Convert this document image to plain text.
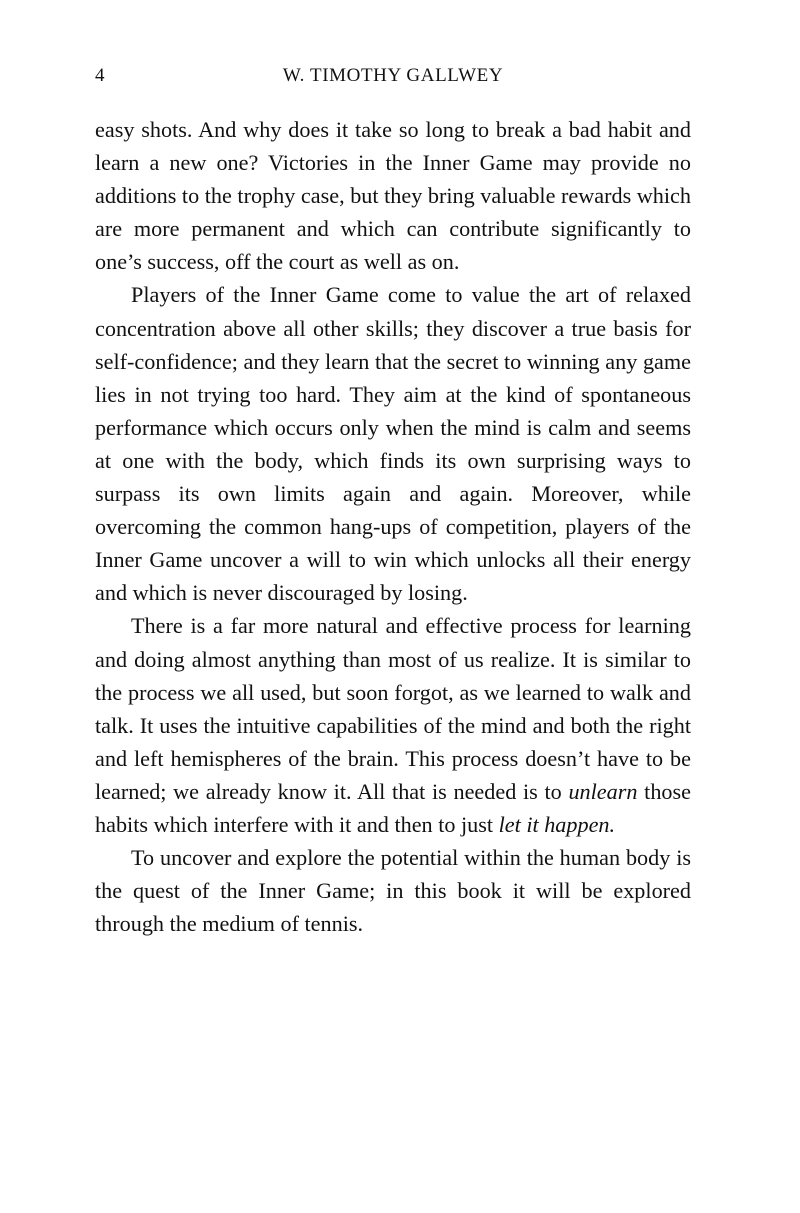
4	W. TIMOTHY GALLWEY

easy shots. And why does it take so long to break a bad habit and learn a new one? Victories in the Inner Game may provide no additions to the trophy case, but they bring valuable rewards which are more permanent and which can contribute significantly to one’s success, off the court as well as on.

Players of the Inner Game come to value the art of relaxed concentration above all other skills; they discover a true basis for self-confidence; and they learn that the secret to winning any game lies in not trying too hard. They aim at the kind of spontaneous performance which occurs only when the mind is calm and seems at one with the body, which finds its own surprising ways to surpass its own limits again and again. Moreover, while overcoming the common hang-ups of competition, players of the Inner Game uncover a will to win which unlocks all their energy and which is never discouraged by losing.

There is a far more natural and effective process for learning and doing almost anything than most of us realize. It is similar to the process we all used, but soon forgot, as we learned to walk and talk. It uses the intuitive capabilities of the mind and both the right and left hemispheres of the brain. This process doesn’t have to be learned; we already know it. All that is needed is to unlearn those habits which interfere with it and then to just let it happen.

To uncover and explore the potential within the human body is the quest of the Inner Game; in this book it will be explored through the medium of tennis.
